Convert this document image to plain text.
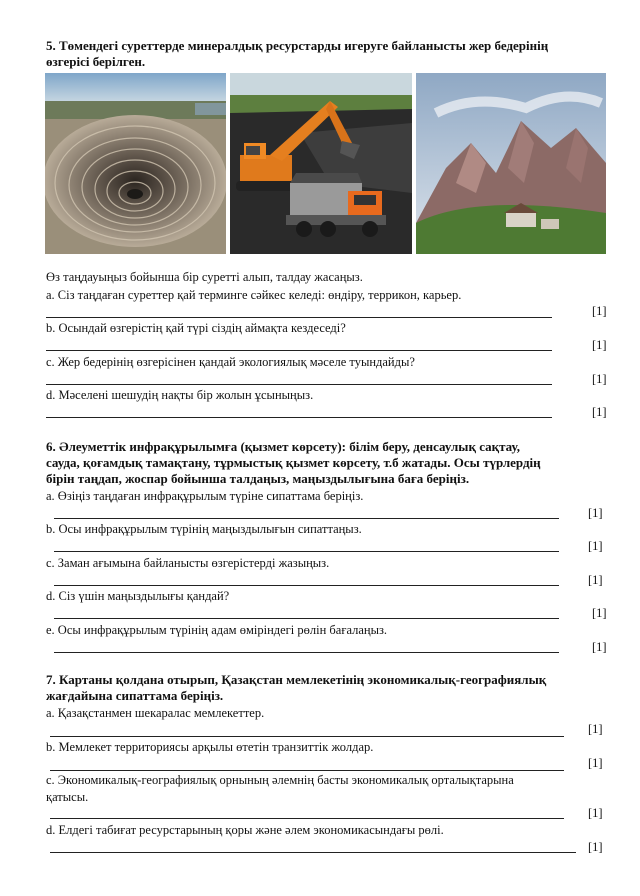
5. Төмендегі суреттерде минералдық ресурстарды игеруге байланысты жер бедерінің
өзгерісі берілген.
Өз таңдауыңыз бойынша бір суретті алып, талдау жасаңыз.
a. Сіз таңдаған суреттер қай терминге сәйкес келеді: өндіру, террикон, карьер.
[1]
b. Осындай өзгерістің қай түрі сіздің аймақта кездеседі?
[1]
c. Жер бедерінің өзгерісінен қандай экологиялық мәселе туындайды?
[1]
d. Мәселені шешудің нақты бір жолын ұсыныңыз.
[1]
6. Әлеуметтік инфрақұрылымға (қызмет көрсету): білім беру, денсаулық сақтау,
сауда, қоғамдық тамақтану, тұрмыстық қызмет көрсету, т.б жатады. Осы түрлердің
бірін таңдап, жоспар бойынша талдаңыз, маңыздылығына баға беріңіз.
a. Өзіңіз таңдаған инфрақұрылым түріне сипаттама беріңіз.
[1]
b. Осы инфрақұрылым түрінің маңыздылығын сипаттаңыз.
[1]
c. Заман ағымына байланысты өзгерістерді жазыңыз.
[1]
d. Сіз үшін маңыздылығы қандай?
[1]
e. Осы инфрақұрылым түрінің адам өміріндегі рөлін бағалаңыз.
[1]
7. Картаны қолдана отырып, Қазақстан мемлекетінің экономикалық-географиялық
жағдайына сипаттама беріңіз.
a. Қазақстанмен шекаралас мемлекеттер.
[1]
b. Мемлекет территориясы арқылы өтетін транзиттік жолдар.
[1]
c. Экономикалық-географиялық орнының әлемнің басты экономикалық орталықтарына
қатысы.
[1]
d. Елдегі табиғат ресурстарының қоры және әлем экономикасындағы рөлі.
[1]
